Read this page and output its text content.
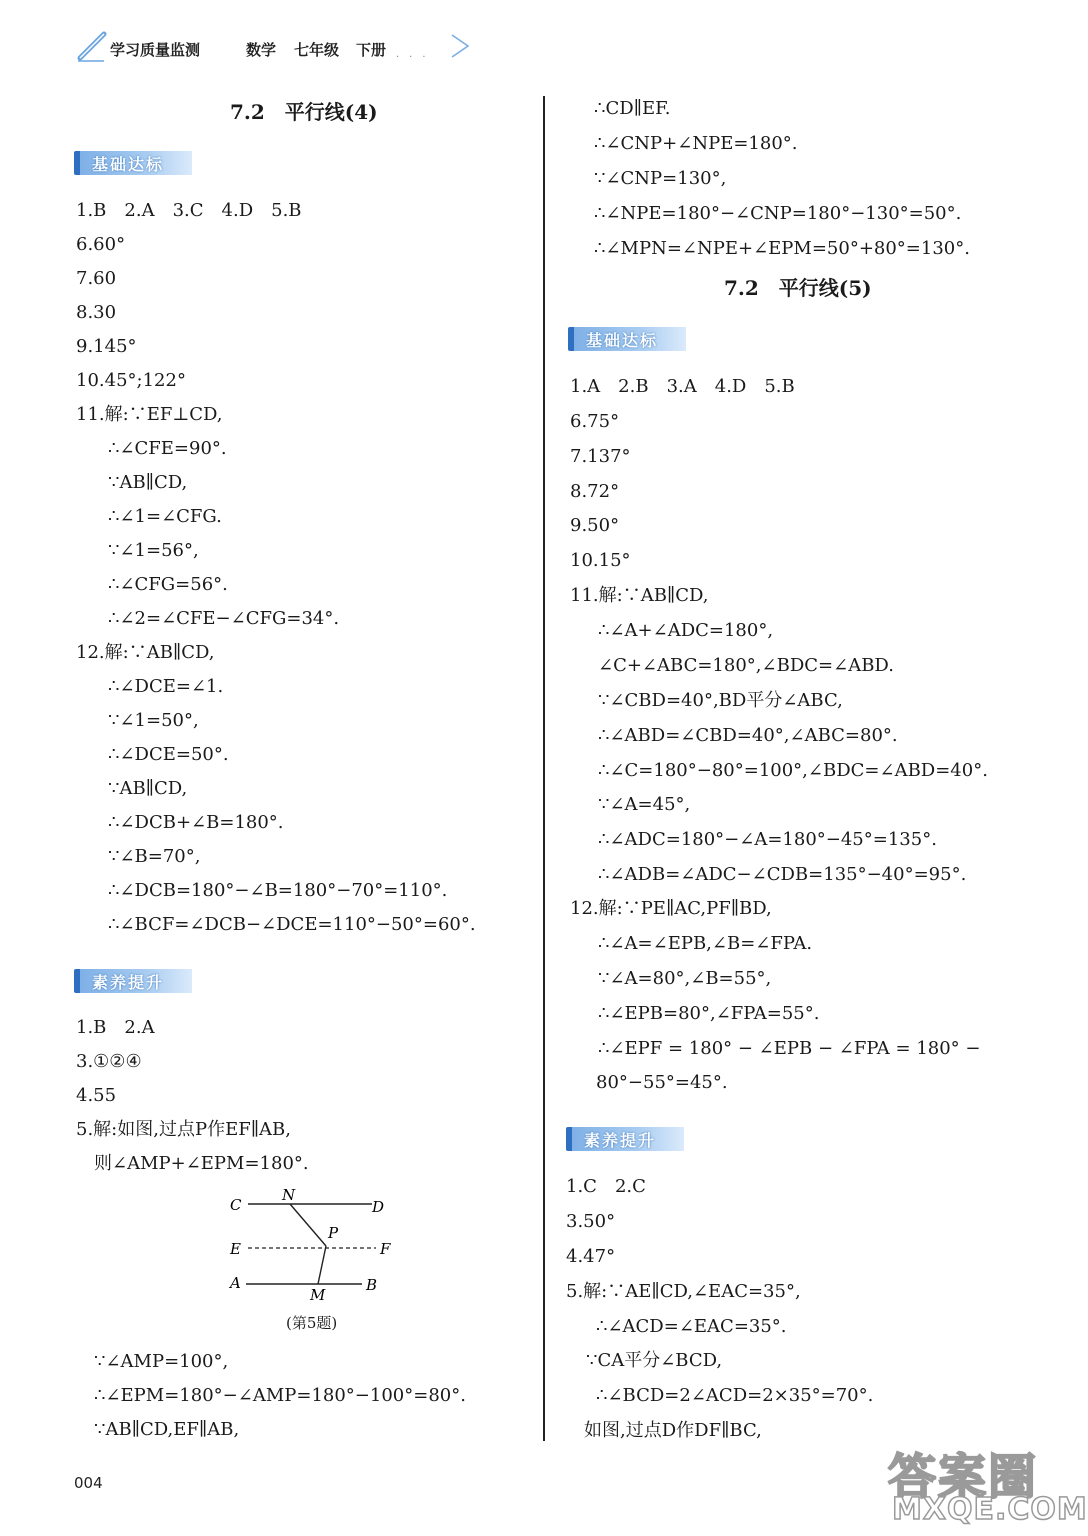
学习质量监测	数学 七年级 下册 ···
7.2　平行线(4)
基础达标
1.B　2.A　3.C　4.D　5.B
6.60°
7.60
8.30
9.145°
10.45°;122°
11.解:∵EF⊥CD,
∴∠CFE=90°.
∵AB∥CD,
∴∠1=∠CFG.
∵∠1=56°,
∴∠CFG=56°.
∴∠2=∠CFE−∠CFG=34°.
12.解:∵AB∥CD,
∴∠DCE=∠1.
∵∠1=50°,
∴∠DCE=50°.
∵AB∥CD,
∴∠DCB+∠B=180°.
∵∠B=70°,
∴∠DCB=180°−∠B=180°−70°=110°.
∴∠BCF=∠DCB−∠DCE=110°−50°=60°.
素养提升
1.B　2.A
3.①②④
4.55
5.解:如图,过点P作EF∥AB,
则∠AMP+∠EPM=180°.
C
N
D
P
E	F
A
M
B
(第5题)
∵∠AMP=100°,
∴∠EPM=180°−∠AMP=180°−100°=80°.
∵AB∥CD,EF∥AB,
∴CD∥EF.
∴∠CNP+∠NPE=180°.
∵∠CNP=130°,
∴∠NPE=180°−∠CNP=180°−130°=50°.
∴∠MPN=∠NPE+∠EPM=50°+80°=130°.
7.2　平行线(5)
基础达标
1.A　2.B　3.A　4.D　5.B
6.75°
7.137°
8.72°
9.50°
10.15°
11.解:∵AB∥CD,
∴∠A+∠ADC=180°,
∠C+∠ABC=180°,∠BDC=∠ABD.
∵∠CBD=40°,BD平分∠ABC,
∴∠ABD=∠CBD=40°,∠ABC=80°.
∴∠C=180°−80°=100°,∠BDC=∠ABD=40°.
∵∠A=45°,
∴∠ADC=180°−∠A=180°−45°=135°.
∴∠ADB=∠ADC−∠CDB=135°−40°=95°.
12.解:∵PE∥AC,PF∥BD,
∴∠A=∠EPB,∠B=∠FPA.
∵∠A=80°,∠B=55°,
∴∠EPB=80°,∠FPA=55°.
∴∠EPF = 180° − ∠EPB − ∠FPA = 180° −
80°−55°=45°.
素养提升
1.C　2.C
3.50°
4.47°
5.解:∵AE∥CD,∠EAC=35°,
∴∠ACD=∠EAC=35°.
∵CA平分∠BCD,
∴∠BCD=2∠ACD=2×35°=70°.
如图,过点D作DF∥BC,
004	答案圈
MXQE.COM
